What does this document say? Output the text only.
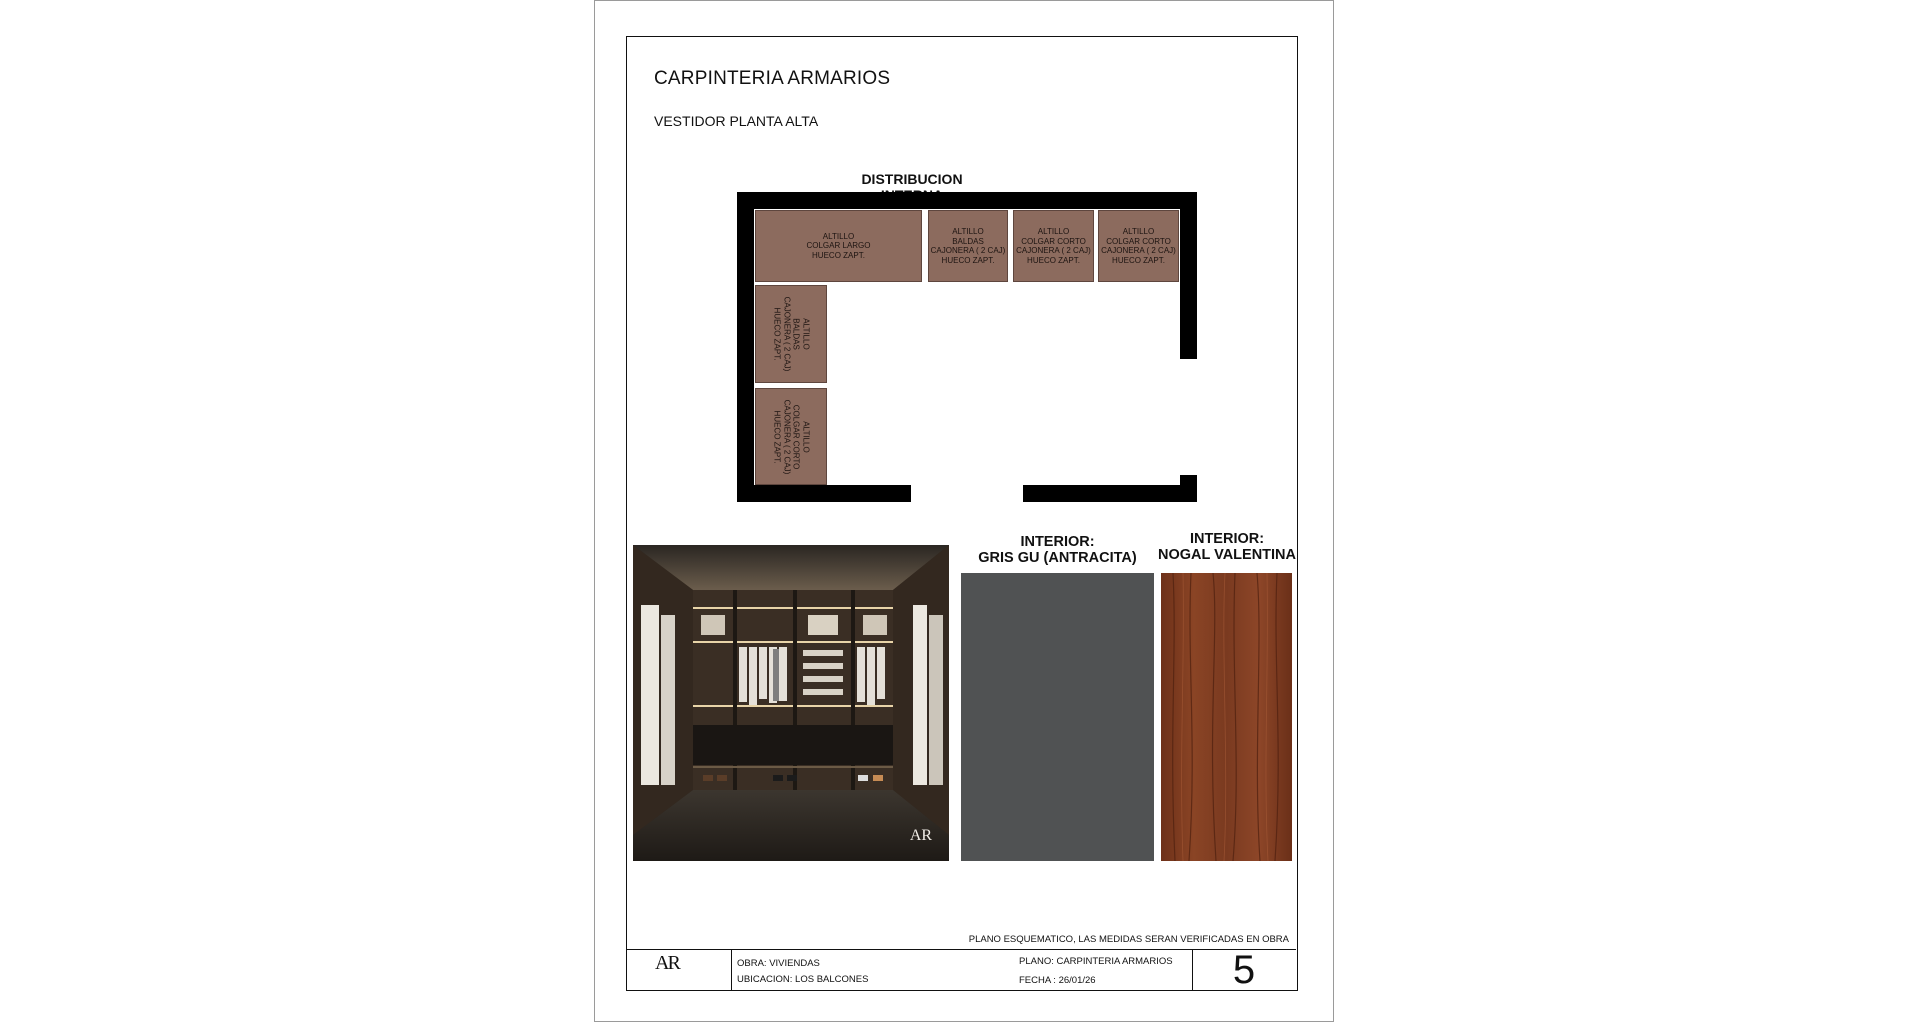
CARPINTERIA ARMARIOS
VESTIDOR PLANTA ALTA
DISTRIBUCION
ALTILLO
COLGAR LARGO
HUECO ZAPT.
ALTILLO
BALDAS
CAJONERA ( 2 CAJ)
HUECO ZAPT.
ALTILLO
COLGAR CORTO
CAJONERA ( 2 CAJ)
HUECO ZAPT.
ALTILLO
COLGAR CORTO
CAJONERA ( 2 CAJ)
HUECO ZAPT.
ALTILLO
BALDAS
CAJONERA ( 2 CAJ)
HUECO ZAPT.
ALTILLO
COLGAR CORTO
CAJONERA ( 2 CAJ)
HUECO ZAPT.
AR
INTERIOR:
GRIS GU (ANTRACITA)
INTERIOR:
NOGAL VALENTINA
PLANO ESQUEMATICO, LAS MEDIDAS SERAN VERIFICADAS EN OBRA
AR	OBRA: VIVIENDAS
UBICACION: LOS BALCONES
PLANO: CARPINTERIA ARMARIOS
FECHA : 26/01/26	5
